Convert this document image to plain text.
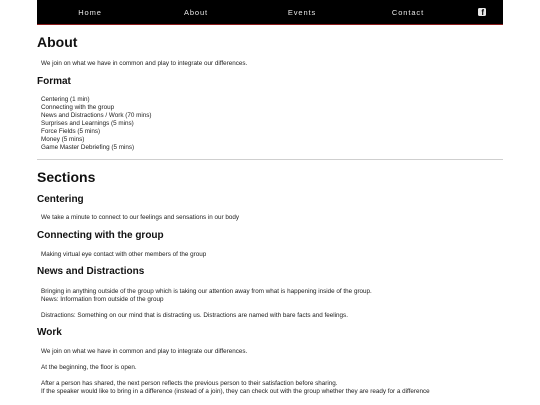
Home	About	Events	Contact	f
About

We join on what we have in common and play to integrate our differences.

Format
Centering (1 min)
Connecting with the group
News and Distractions / Work (70 mins)
Surprises and Learnings (5 mins)
Force Fields (5 mins)
Money (5 mins)
Game Master Debriefing (5 mins)
Sections
Centering

We take a minute to connect to our feelings and sensations in our body

Connecting with the group

Making virtual eye contact with other members of the group

News and Distractions

Bringing in anything outside of the group which is taking our attention away from what is happening inside of the group.

News: Information from outside of the group

Distractions: Something on our mind that is distracting us. Distractions are named with bare facts and feelings.

Work

We join on what we have in common and play to integrate our differences.

At the beginning, the floor is open.

After a person has shared, the next person reflects the previous person to their satisfaction before sharing.

If the speaker would like to bring in a difference (instead of a join), they can check out with the group whether they are ready for a difference
